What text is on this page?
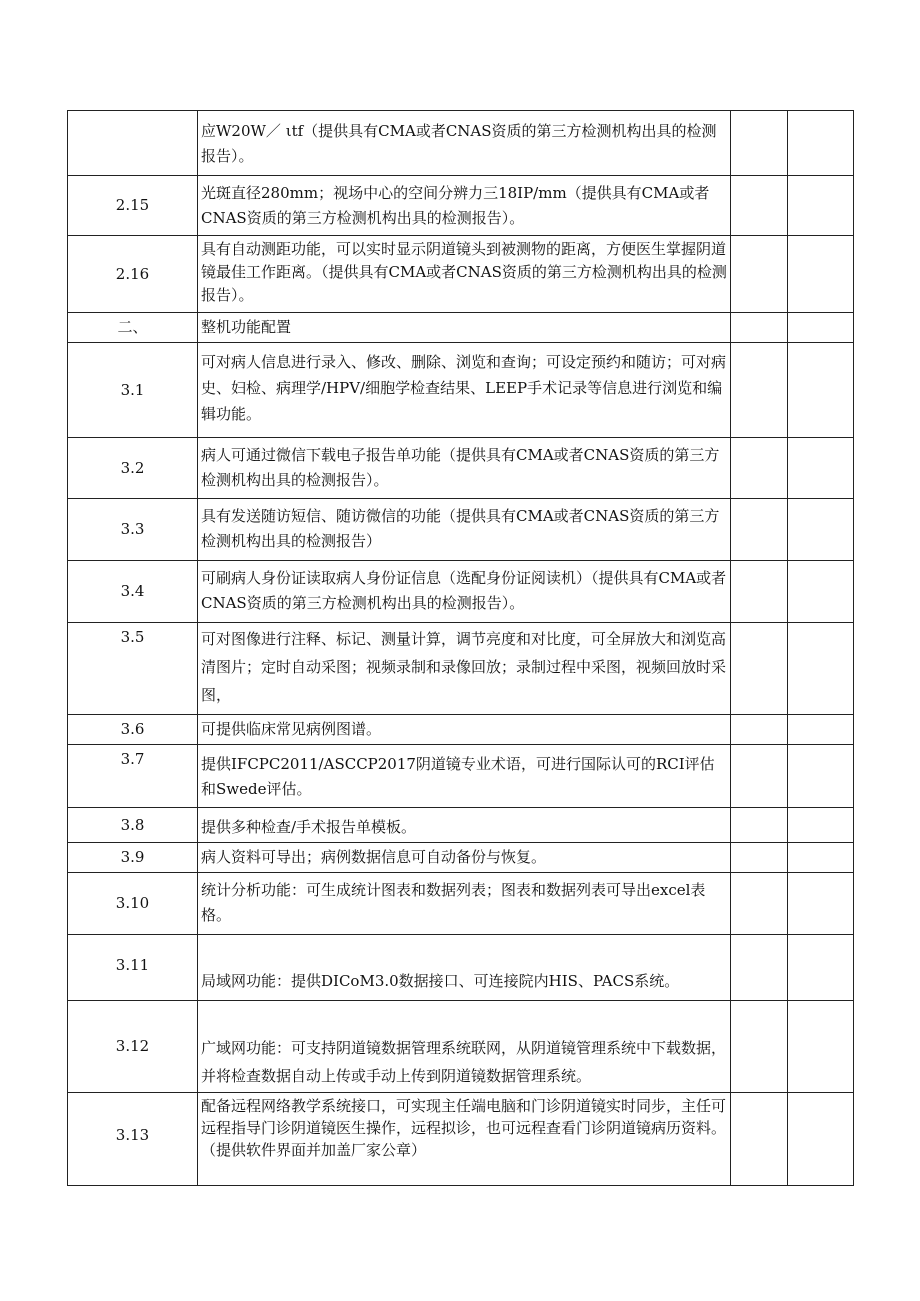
	应W20W／ ιtf（提供具有CMA或者CNAS资质的第三方检测机构出具的检测报告）。		
2.15	光斑直径280mm；视场中心的空间分辨力三18IP/mm（提供具有CMA或者CNAS资质的第三方检测机构出具的检测报告）。		
2.16	具有自动测距功能，可以实时显示阴道镜头到被测物的距离，方便医生掌握阴道镜最佳工作距离。（提供具有CMA或者CNAS资质的第三方检测机构出具的检测报告）。		
二、	整机功能配置		
3.1	可对病人信息进行录入、修改、删除、浏览和查询；可设定预约和随访；可对病史、妇检、病理学/HPV/细胞学检查结果、LEEP手术记录等信息进行浏览和编辑功能。		
3.2	病人可通过微信下载电子报告单功能（提供具有CMA或者CNAS资质的第三方检测机构出具的检测报告）。		
3.3	具有发送随访短信、随访微信的功能（提供具有CMA或者CNAS资质的第三方检测机构出具的检测报告）		
3.4	可刷病人身份证读取病人身份证信息（选配身份证阅读机）（提供具有CMA或者CNAS资质的第三方检测机构出具的检测报告）。		
3.5	可对图像进行注释、标记、测量计算，调节亮度和对比度，可全屏放大和浏览高清图片；定时自动采图；视频录制和录像回放；录制过程中采图，视频回放时采图，		
3.6	可提供临床常见病例图谱。		
3.7	提供IFCPC2011/ASCCP2017阴道镜专业术语，可进行国际认可的RCI评估和Swede评估。		
3.8	提供多种检查/手术报告单模板。		
3.9	病人资料可导出；病例数据信息可自动备份与恢复。		
3.10	统计分析功能：可生成统计图表和数据列表；图表和数据列表可导出excel表格。		
3.11	局域网功能：提供DICoM3.0数据接口、可连接院内HIS、PACS系统。		
3.12	广域网功能：可支持阴道镜数据管理系统联网，从阴道镜管理系统中下载数据，并将检查数据自动上传或手动上传到阴道镜数据管理系统。		
3.13	配备远程网络教学系统接口，可实现主任端电脑和门诊阴道镜实时同步，主任可远程指导门诊阴道镜医生操作，远程拟诊，也可远程查看门诊阴道镜病历资料。（提供软件界面并加盖厂家公章）		
